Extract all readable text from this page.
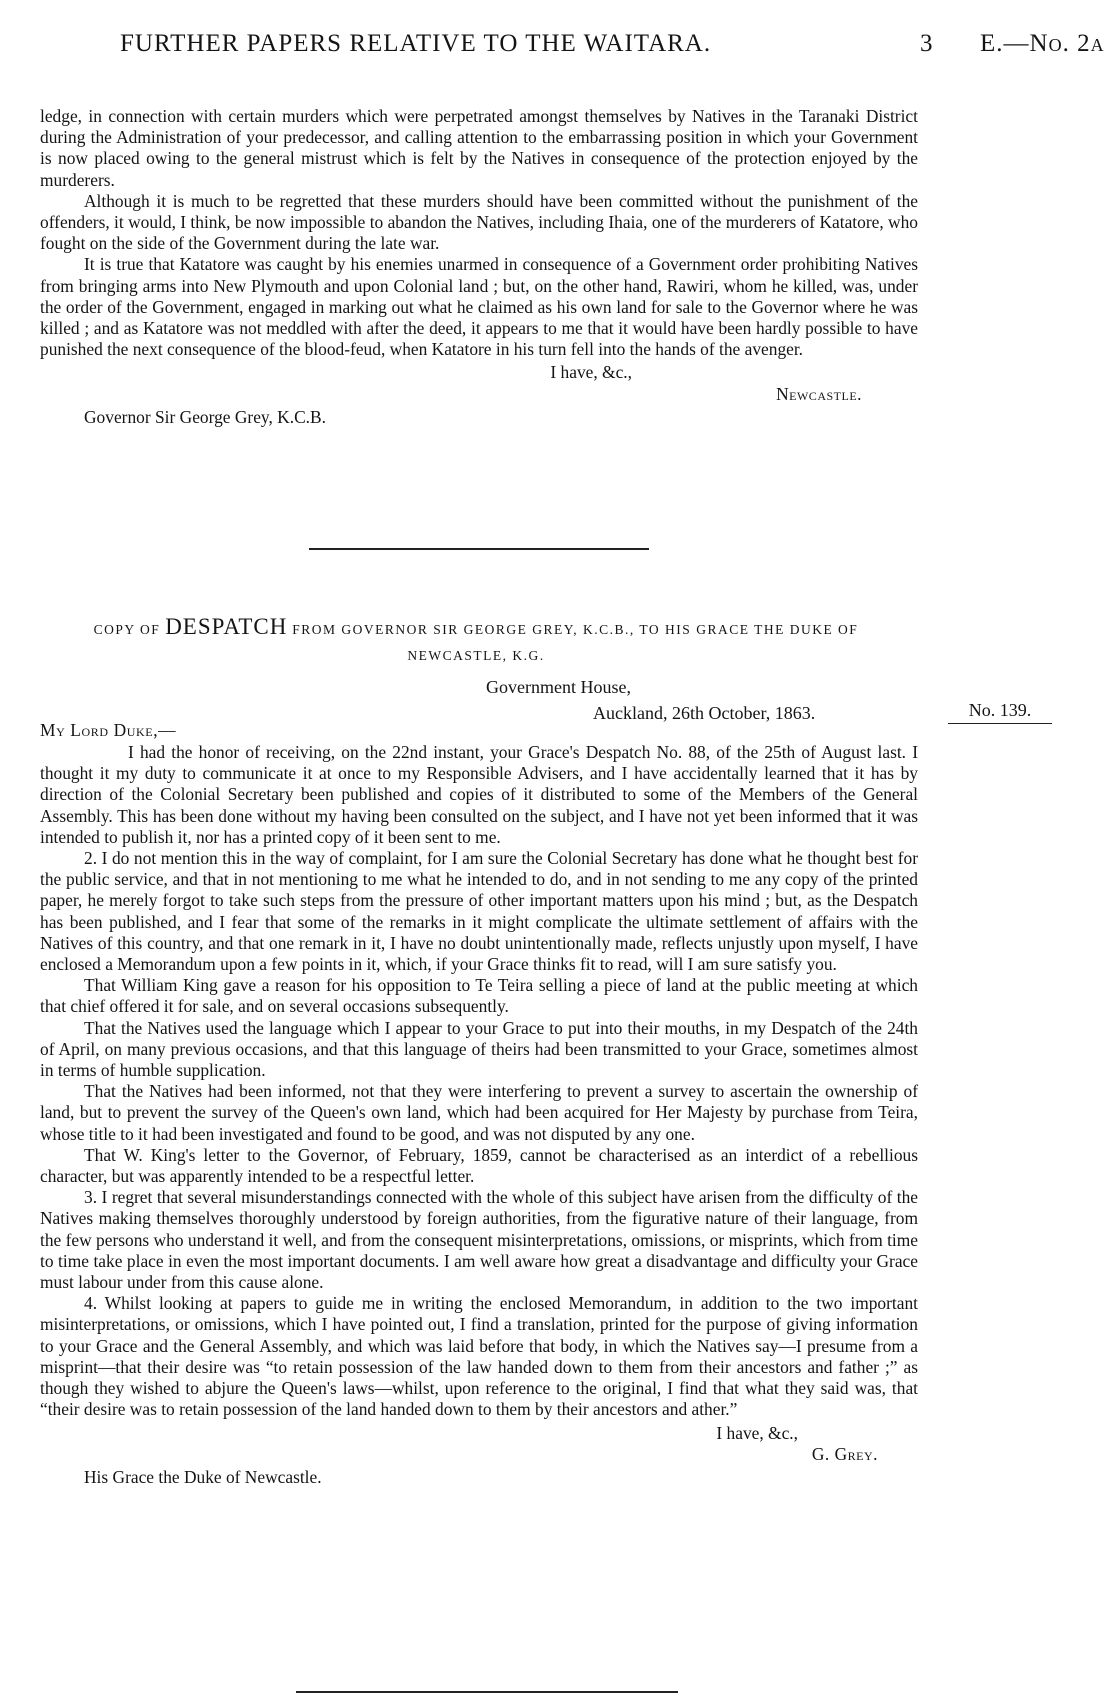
FURTHER PAPERS RELATIVE TO THE WAITARA.	3 E.—No. 2a

ledge, in connection with certain murders which were perpetrated amongst themselves by Natives in the Taranaki District during the Administration of your predecessor, and calling attention to the embarrassing position in which your Government is now placed owing to the general mistrust which is felt by the Natives in consequence of the protection enjoyed by the murderers.

Although it is much to be regretted that these murders should have been committed without the punishment of the offenders, it would, I think, be now impossible to abandon the Natives, including Ihaia, one of the murderers of Katatore, who fought on the side of the Government during the late war.

It is true that Katatore was caught by his enemies unarmed in consequence of a Government order prohibiting Natives from bringing arms into New Plymouth and upon Colonial land ; but, on the other hand, Rawiri, whom he killed, was, under the order of the Government, engaged in marking out what he claimed as his own land for sale to the Governor where he was killed ; and as Katatore was not meddled with after the deed, it appears to me that it would have been hardly possible to have punished the next consequence of the blood-feud, when Katatore in his turn fell into the hands of the avenger.

I have, &c.,

Newcastle.

Governor Sir George Grey, K.C.B.

COPY OF DESPATCH FROM GOVERNOR SIR GEORGE GREY, K.C.B., TO HIS GRACE THE DUKE OF
NEWCASTLE, K.G.
Government House,
Auckland, 26th October, 1863.	No. 139.
My Lord Duke,—

I had the honor of receiving, on the 22nd instant, your Grace's Despatch No. 88, of the 25th of August last. I thought it my duty to communicate it at once to my Responsible Advisers, and I have accidentally learned that it has by direction of the Colonial Secretary been published and copies of it distributed to some of the Members of the General Assembly. This has been done without my having been consulted on the subject, and I have not yet been informed that it was intended to publish it, nor has a printed copy of it been sent to me.

2. I do not mention this in the way of complaint, for I am sure the Colonial Secretary has done what he thought best for the public service, and that in not mentioning to me what he intended to do, and in not sending to me any copy of the printed paper, he merely forgot to take such steps from the pressure of other important matters upon his mind ; but, as the Despatch has been published, and I fear that some of the remarks in it might complicate the ultimate settlement of affairs with the Natives of this country, and that one remark in it, I have no doubt unintentionally made, reflects unjustly upon myself, I have enclosed a Memorandum upon a few points in it, which, if your Grace thinks fit to read, will I am sure satisfy you.

That William King gave a reason for his opposition to Te Teira selling a piece of land at the public meeting at which that chief offered it for sale, and on several occasions subsequently.

That the Natives used the language which I appear to your Grace to put into their mouths, in my Despatch of the 24th of April, on many previous occasions, and that this language of theirs had been transmitted to your Grace, sometimes almost in terms of humble supplication.

That the Natives had been informed, not that they were interfering to prevent a survey to ascertain the ownership of land, but to prevent the survey of the Queen's own land, which had been acquired for Her Majesty by purchase from Teira, whose title to it had been investigated and found to be good, and was not disputed by any one.

That W. King's letter to the Governor, of February, 1859, cannot be characterised as an interdict of a rebellious character, but was apparently intended to be a respectful letter.

3. I regret that several misunderstandings connected with the whole of this subject have arisen from the difficulty of the Natives making themselves thoroughly understood by foreign authorities, from the figurative nature of their language, from the few persons who understand it well, and from the consequent misinterpretations, omissions, or misprints, which from time to time take place in even the most important documents. I am well aware how great a disadvantage and difficulty your Grace must labour under from this cause alone.

4. Whilst looking at papers to guide me in writing the enclosed Memorandum, in addition to the two important misinterpretations, or omissions, which I have pointed out, I find a translation, printed for the purpose of giving information to your Grace and the General Assembly, and which was laid before that body, in which the Natives say—I presume from a misprint—that their desire was “to retain possession of the law handed down to them from their ancestors and father ;” as though they wished to abjure the Queen's laws—whilst, upon reference to the original, I find that what they said was, that “their desire was to retain possession of the land handed down to them by their ancestors and ather.”

I have, &c.,

G. Grey.

His Grace the Duke of Newcastle.
